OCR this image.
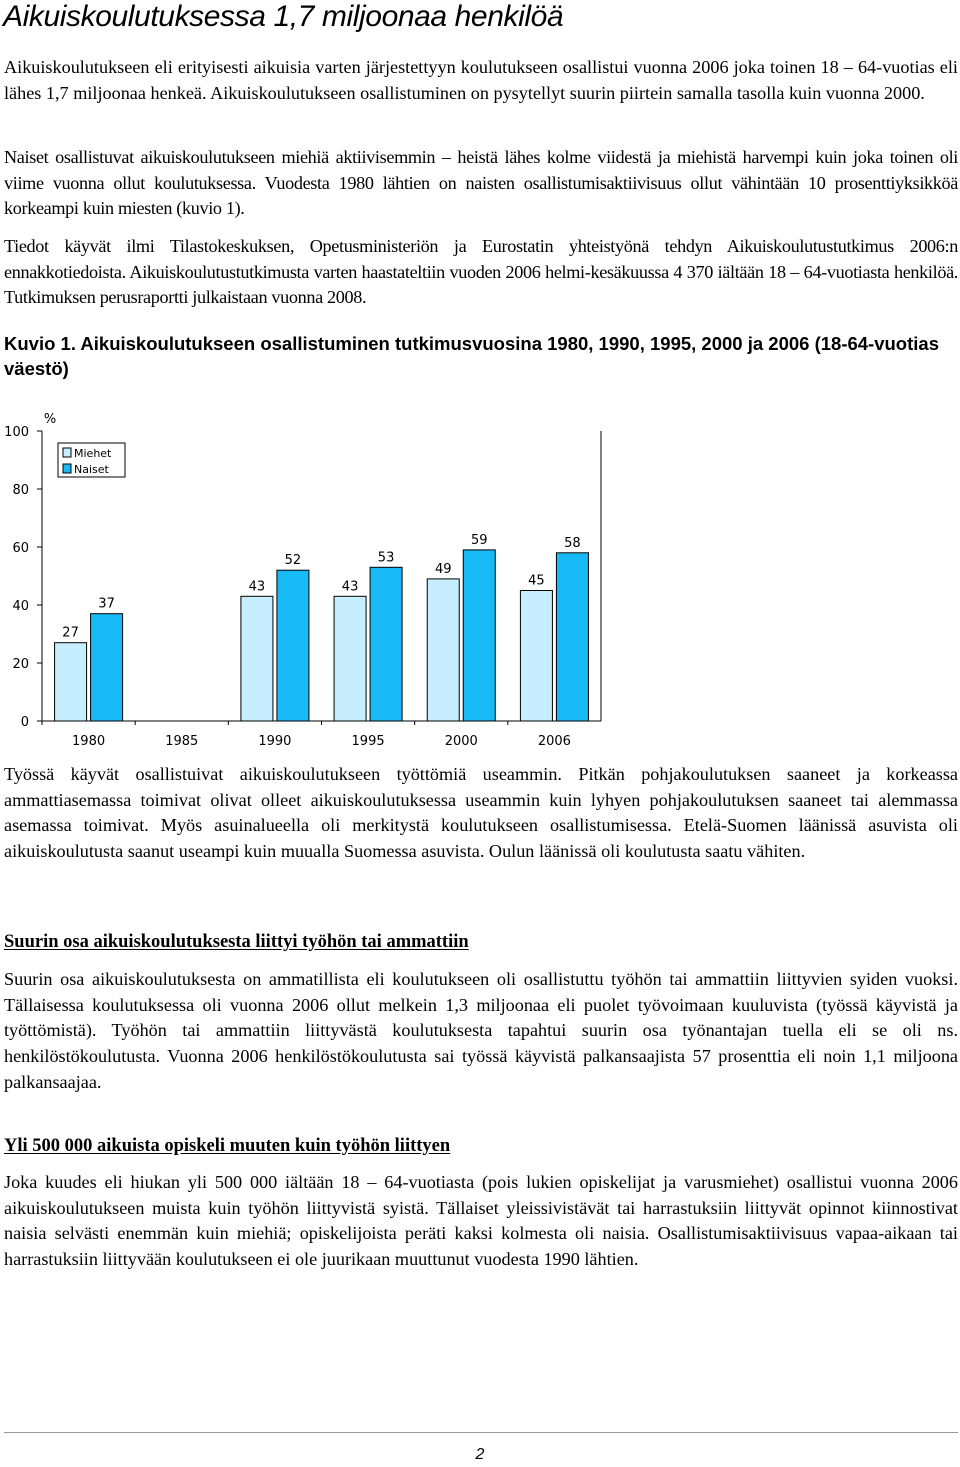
Aikuiskoulutuksessa 1,7 miljoonaa henkilöä

Aikuiskoulutukseen eli erityisesti aikuisia varten järjestettyyn koulutukseen osallistui vuonna 2006 joka toinen 18 – 64-vuotias eli lähes 1,7 miljoonaa henkeä. Aikuiskoulutukseen osallistuminen on pysytellyt suurin piirtein samalla tasolla kuin vuonna 2000.

Naiset osallistuvat aikuiskoulutukseen miehiä aktiivisemmin – heistä lähes kolme viidestä ja miehistä harvempi kuin joka toinen oli viime vuonna ollut koulutuksessa. Vuodesta 1980 lähtien on naisten osallistumisaktiivisuus ollut vähintään 10 prosenttiyksikköä korkeampi kuin miesten (kuvio 1).

Tiedot käyvät ilmi Tilastokeskuksen, Opetusministeriön ja Eurostatin yhteistyönä tehdyn Aikuiskoulutustutkimus 2006:n ennakkotiedoista. Aikuiskoulutustutkimusta varten haastateltiin vuoden 2006 helmi-kesäkuussa 4 370 iältään 18 – 64-vuotiasta henkilöä. Tutkimuksen perusraportti julkaistaan vuonna 2008.

Kuvio 1. Aikuiskoulutukseen osallistuminen tutkimusvuosina 1980, 1990, 1995, 2000 ja 2006 (18-64-vuotias väestö)

0
20
40
60
80
100
%
1980
27
37
1985	1990
43
52
1995
43
53
2000
49
59
2006
45
58
Miehet
Naiset

Työssä käyvät osallistuivat aikuiskoulutukseen työttömiä useammin. Pitkän pohjakoulutuksen saaneet ja korkeassa ammattiasemassa toimivat olivat olleet aikuiskoulutuksessa useammin kuin lyhyen pohjakoulutuksen saaneet tai alemmassa asemassa toimivat. Myös asuinalueella oli merkitystä koulutukseen osallistumisessa. Etelä-Suomen läänissä asuvista oli aikuiskoulutusta saanut useampi kuin muualla Suomessa asuvista. Oulun läänissä oli koulutusta saatu vähiten.

Suurin osa aikuiskoulutuksesta liittyi työhön tai ammattiin

Suurin osa aikuiskoulutuksesta on ammatillista eli koulutukseen oli osallistuttu työhön tai ammattiin liittyvien syiden vuoksi. Tällaisessa koulutuksessa oli vuonna 2006 ollut melkein 1,3 miljoonaa eli puolet työvoimaan kuuluvista (työssä käyvistä ja työttömistä). Työhön tai ammattiin liittyvästä koulutuksesta tapahtui suurin osa työnantajan tuella eli se oli ns. henkilöstökoulutusta. Vuonna 2006 henkilöstökoulutusta sai työssä käyvistä palkansaajista 57 prosenttia eli noin 1,1 miljoona palkansaajaa.

Yli 500 000 aikuista opiskeli muuten kuin työhön liittyen

Joka kuudes eli hiukan yli 500 000 iältään 18 – 64-vuotiasta (pois lukien opiskelijat ja varusmiehet) osallistui vuonna 2006 aikuiskoulutukseen muista kuin työhön liittyvistä syistä. Tällaiset yleissivistävät tai harrastuksiin liittyvät opinnot kiinnostivat naisia selvästi enemmän kuin miehiä; opiskelijoista peräti kaksi kolmesta oli naisia. Osallistumisaktiivisuus vapaa-aikaan tai harrastuksiin liittyvään koulutukseen ei ole juurikaan muuttunut vuodesta 1990 lähtien.

2
